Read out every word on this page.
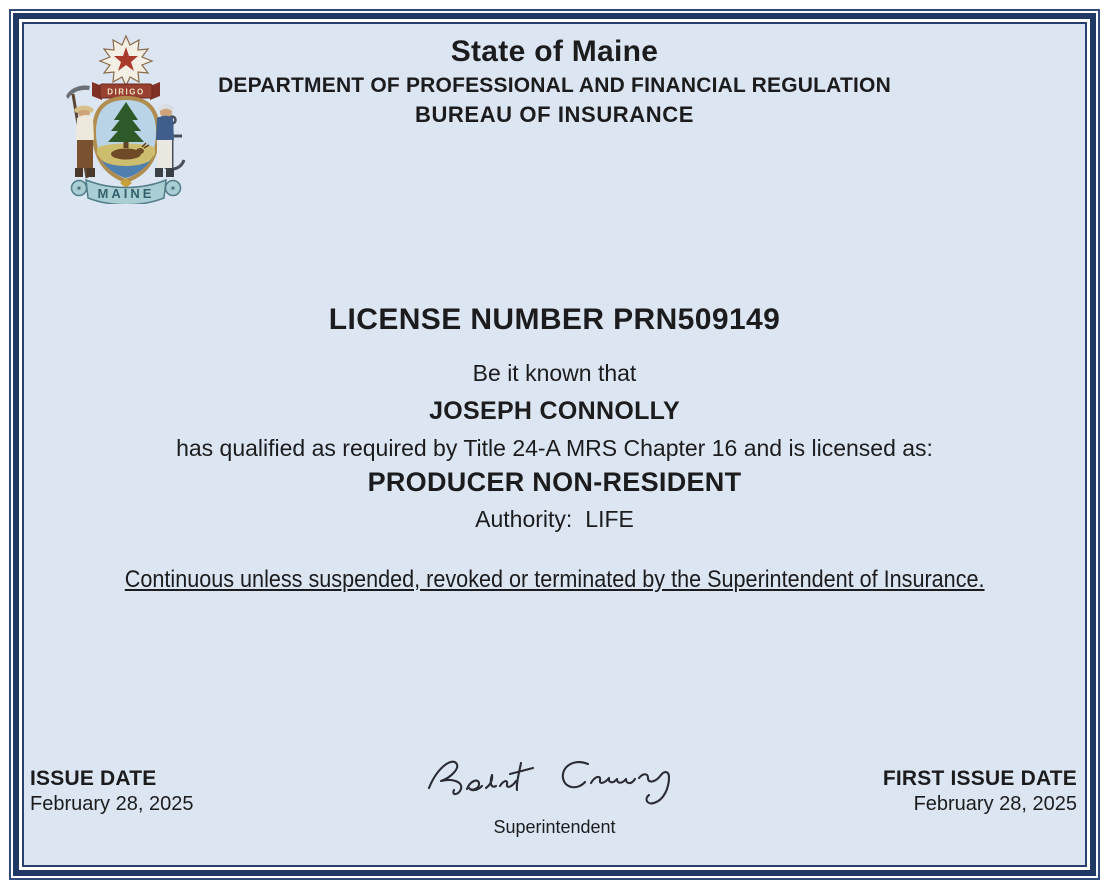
DIRIGO
✶	✶
MAINE
State of Maine
DEPARTMENT OF PROFESSIONAL AND FINANCIAL REGULATION
BUREAU OF INSURANCE
LICENSE NUMBER PRN509149
Be it known that
JOSEPH CONNOLLY
has qualified as required by Title 24-A MRS Chapter 16 and is licensed as:
PRODUCER NON-RESIDENT
Authority: LIFE
Continuous unless suspended, revoked or terminated by the Superintendent of Insurance.
ISSUE DATE
February 28, 2025
Superintendent
FIRST ISSUE DATE
February 28, 2025
